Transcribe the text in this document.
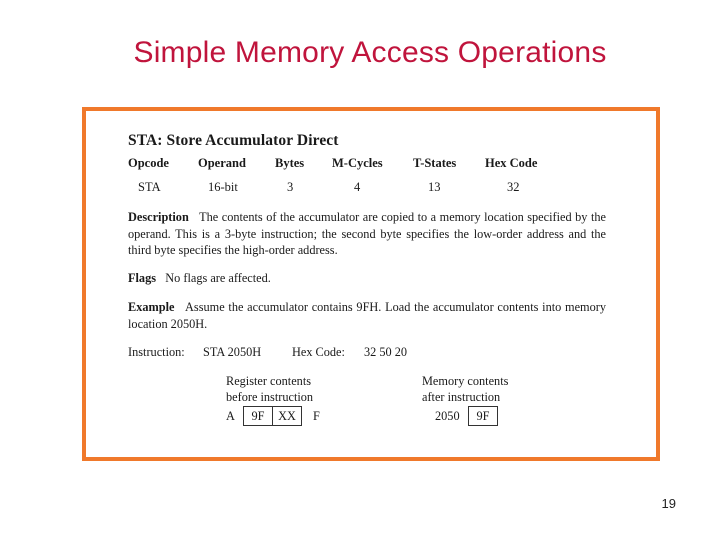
Simple Memory Access Operations
STA: Store Accumulator Direct
Opcode Operand Bytes M-Cycles T-States Hex Code
STA	16-bit	3	4	13	32
Description The contents of the accumulator are copied to a memory location specified by the operand. This is a 3-byte instruction; the second byte specifies the low-order address and the third byte specifies the high-order address.
Flags No flags are affected.
Example Assume the accumulator contains 9FH. Load the accumulator contents into memory location 2050H.
Instruction: STA 2050H	Hex Code: 32 50 20
Register contents
before instruction
Memory contents
after instruction
A	9F	XX	F	2050	9F
19
